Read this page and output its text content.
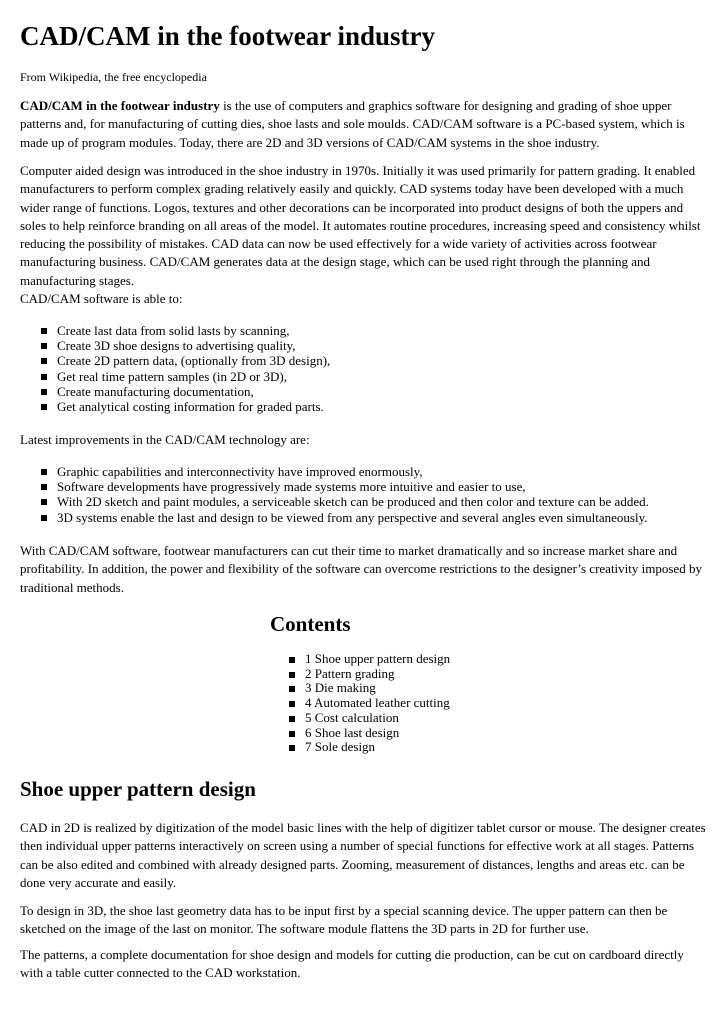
CAD/CAM in the footwear industry
From Wikipedia, the free encyclopedia

CAD/CAM in the footwear industry is the use of computers and graphics software for designing and grading of shoe upper patterns and, for manufacturing of cutting dies, shoe lasts and sole moulds. CAD/CAM software is a PC-based system, which is made up of program modules. Today, there are 2D and 3D versions of CAD/CAM systems in the shoe industry.

Computer aided design was introduced in the shoe industry in 1970s. Initially it was used primarily for pattern grading. It enabled manufacturers to perform complex grading relatively easily and quickly. CAD systems today have been developed with a much wider range of functions. Logos, textures and other decorations can be incorporated into product designs of both the uppers and soles to help reinforce branding on all areas of the model. It automates routine procedures, increasing speed and consistency whilst reducing the possibility of mistakes. CAD data can now be used effectively for a wide variety of activities across footwear manufacturing business. CAD/CAM generates data at the design stage, which can be used right through the planning and manufacturing stages.

CAD/CAM software is able to:

Create last data from solid lasts by scanning,
Create 3D shoe designs to advertising quality,
Create 2D pattern data, (optionally from 3D design),
Get real time pattern samples (in 2D or 3D),
Create manufacturing documentation,
Get analytical costing information for graded parts.

Latest improvements in the CAD/CAM technology are:

Graphic capabilities and interconnectivity have improved enormously,
Software developments have progressively made systems more intuitive and easier to use,
With 2D sketch and paint modules, a serviceable sketch can be produced and then color and texture can be added.
3D systems enable the last and design to be viewed from any perspective and several angles even simultaneously.

With CAD/CAM software, footwear manufacturers can cut their time to market dramatically and so increase market share and profitability. In addition, the power and flexibility of the software can overcome restrictions to the designer’s creativity imposed by traditional methods.

Contents
1 Shoe upper pattern design
2 Pattern grading
3 Die making
4 Automated leather cutting
5 Cost calculation
6 Shoe last design
7 Sole design
Shoe upper pattern design

CAD in 2D is realized by digitization of the model basic lines with the help of digitizer tablet cursor or mouse. The designer creates then individual upper patterns interactively on screen using a number of special functions for effective work at all stages. Patterns can be also edited and combined with already designed parts. Zooming, measurement of distances, lengths and areas etc. can be done very accurate and easily.

To design in 3D, the shoe last geometry data has to be input first by a special scanning device. The upper pattern can then be sketched on the image of the last on monitor. The software module flattens the 3D parts in 2D for further use.

The patterns, a complete documentation for shoe design and models for cutting die production, can be cut on cardboard directly with a table cutter connected to the CAD workstation.
